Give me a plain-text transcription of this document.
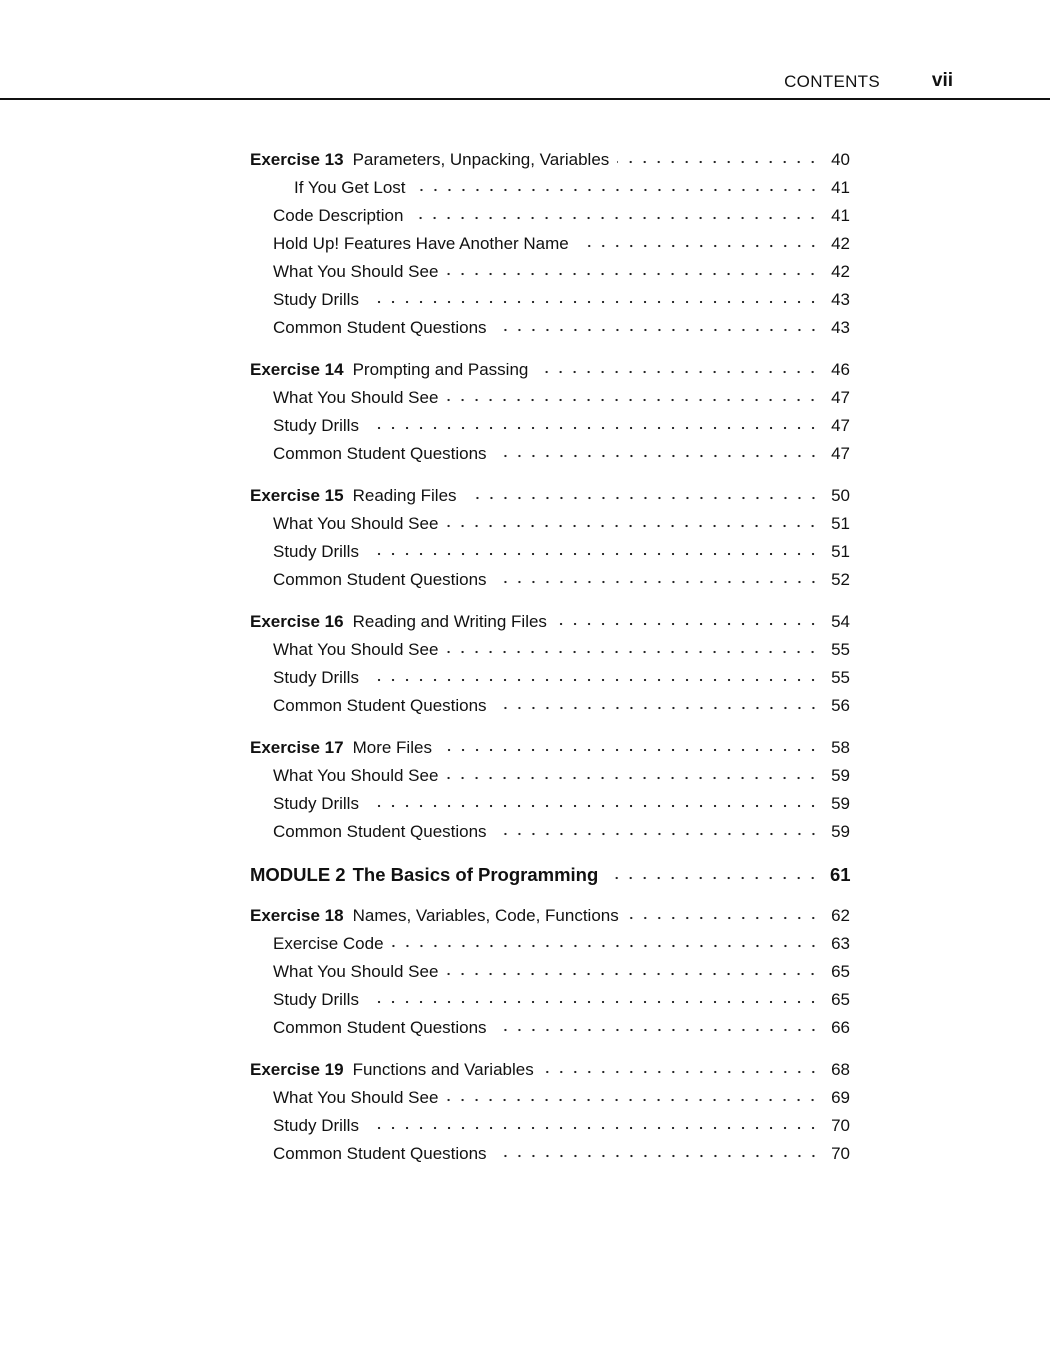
CONTENTS	vii
Exercise 13 Parameters, Unpacking, Variables	40
If You Get Lost	41
Code Description	41
Hold Up! Features Have Another Name	42
What You Should See	42
Study Drills	43
Common Student Questions	43
Exercise 14 Prompting and Passing	46
What You Should See	47
Study Drills	47
Common Student Questions	47
Exercise 15 Reading Files	50
What You Should See	51
Study Drills	51
Common Student Questions	52
Exercise 16 Reading and Writing Files	54
What You Should See	55
Study Drills	55
Common Student Questions	56
Exercise 17 More Files	58
What You Should See	59
Study Drills	59
Common Student Questions	59
MODULE 2 The Basics of Programming	61
Exercise 18 Names, Variables, Code, Functions	62
Exercise Code	63
What You Should See	65
Study Drills	65
Common Student Questions	66
Exercise 19 Functions and Variables	68
What You Should See	69
Study Drills	70
Common Student Questions	70
